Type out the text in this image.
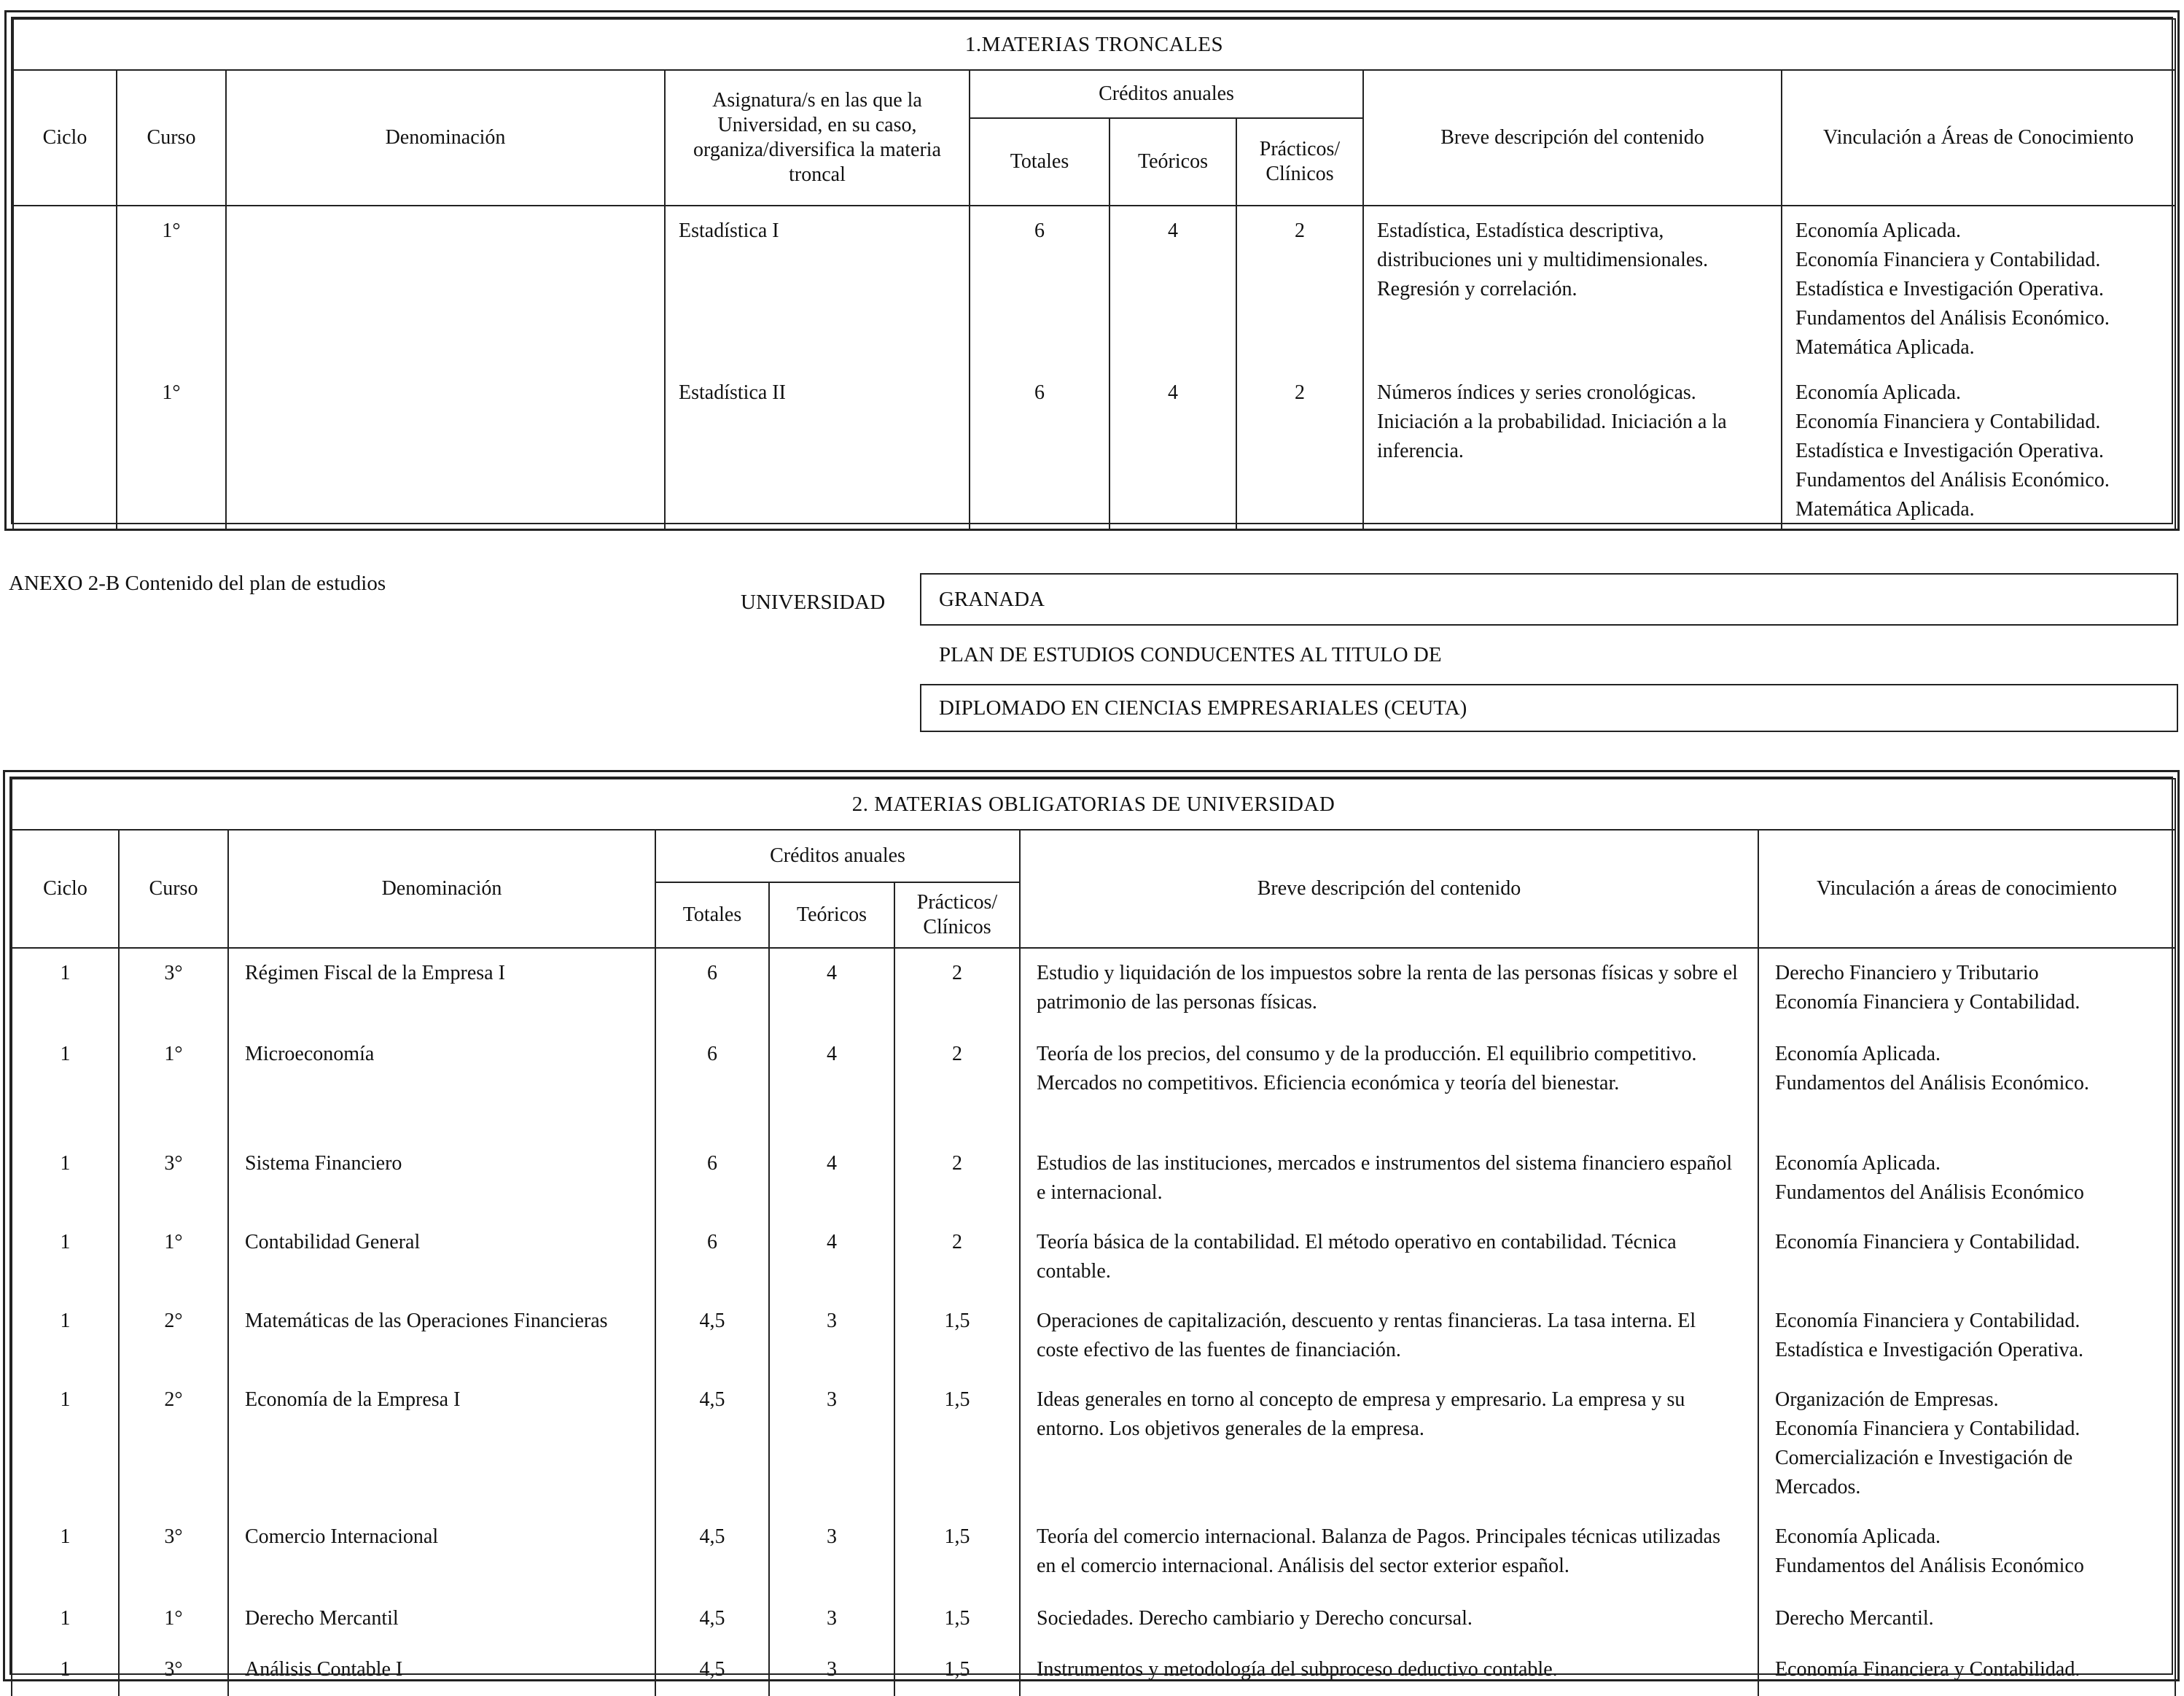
1.MATERIAS TRONCALES								
Ciclo	Curso	Denominación	Asignatura/s en las que la Universidad, en su caso, organiza/diversifica la materia troncal	Créditos anuales			Breve descripción del contenido	Vinculación a Áreas de Conocimiento
				Totales	Teóricos	Prácticos/ Clínicos		
	1°		Estadística I	6	4	2	Estadística, Estadística descriptiva, distribuciones uni y multidimensionales. Regresión y correlación.	Economía Aplicada.
Economía Financiera y Contabilidad.
Estadística e Investigación Operativa.
Fundamentos del Análisis Económico.
Matemática Aplicada.

	1°		Estadística II	6	4	2	Números índices y series cronológicas. Iniciación a la probabilidad. Iniciación a la inferencia.	Economía Aplicada.
Economía Financiera y Contabilidad.
Estadística e Investigación Operativa.
Fundamentos del Análisis Económico.
Matemática Aplicada.
ANEXO 2-B Contenido del plan de estudios
UNIVERSIDAD	GRANADA
PLAN DE ESTUDIOS CONDUCENTES AL TITULO DE
DIPLOMADO EN CIENCIAS EMPRESARIALES (CEUTA)
2. MATERIAS OBLIGATORIAS DE UNIVERSIDAD							
Ciclo	Curso	Denominación	Créditos anuales			Breve descripción del contenido	Vinculación a áreas de conocimiento
			Totales	Teóricos	Prácticos/ Clínicos		
1	3°	Régimen Fiscal de la Empresa I	6	4	2	Estudio y liquidación de los impuestos sobre la renta de las personas físicas y sobre el patrimonio de las personas físicas.	Derecho Financiero y Tributario
Economía Financiera y Contabilidad.

1	1°	Microeconomía	6	4	2	Teoría de los precios, del consumo y de la producción. El equilibrio competitivo. Mercados no competitivos. Eficiencia económica y teoría del bienestar.	Economía Aplicada.
Fundamentos del Análisis Económico.

1	3°	Sistema Financiero	6	4	2	Estudios de las instituciones, mercados e instrumentos del sistema financiero español e internacional.	Economía Aplicada.
Fundamentos del Análisis Económico

1	1°	Contabilidad General	6	4	2	Teoría básica de la contabilidad. El método operativo en contabilidad. Técnica contable.	Economía Financiera y Contabilidad.

1	2°	Matemáticas de las Operaciones Financieras	4,5	3	1,5	Operaciones de capitalización, descuento y rentas financieras. La tasa interna. El coste efectivo de las fuentes de financiación.	Economía Financiera y Contabilidad.
Estadística e Investigación Operativa.

1	2°	Economía de la Empresa I	4,5	3	1,5	Ideas generales en torno al concepto de empresa y empresario. La empresa y su entorno. Los objetivos generales de la empresa.	Organización de Empresas.
Economía Financiera y Contabilidad.
Comercialización e Investigación de Mercados.

1	3°	Comercio Internacional	4,5	3	1,5	Teoría del comercio internacional. Balanza de Pagos. Principales técnicas utilizadas en el comercio internacional. Análisis del sector exterior español.	Economía Aplicada.
Fundamentos del Análisis Económico

1	1°	Derecho Mercantil	4,5	3	1,5	Sociedades. Derecho cambiario y Derecho concursal.	Derecho Mercantil.

1	3°	Análisis Contable I	4,5	3	1,5	Instrumentos y metodología del subproceso deductivo contable.	Economía Financiera y Contabilidad.
